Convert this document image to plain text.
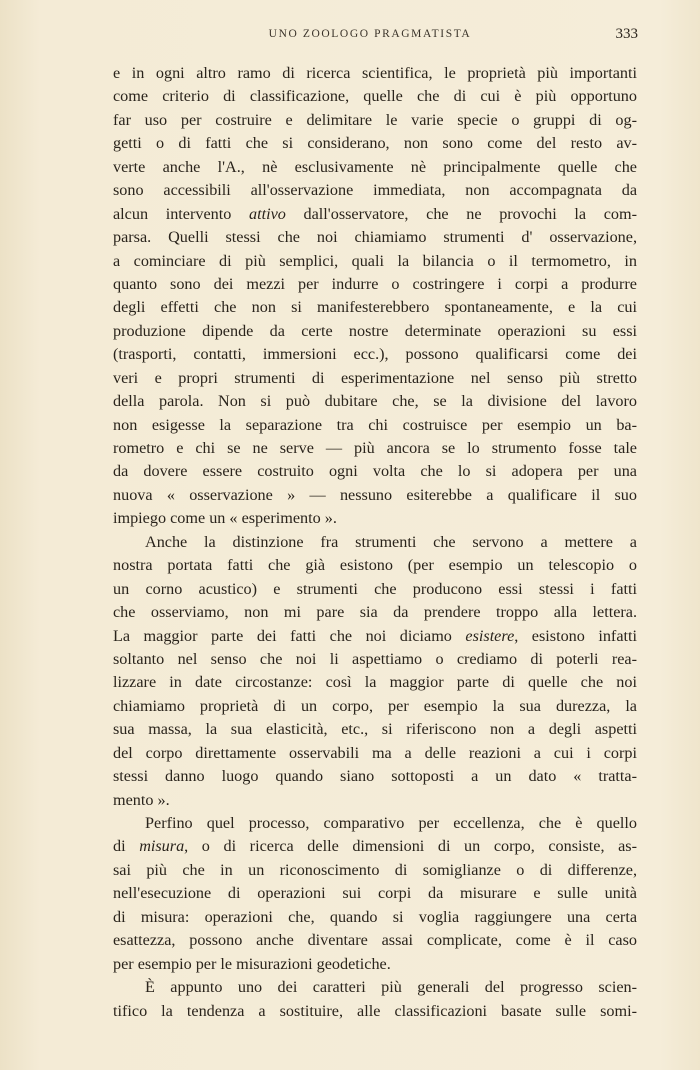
UNO ZOOLOGO PRAGMATISTA	333
e in ogni altro ramo di ricerca scientifica, le proprietà più importanti
come criterio di classificazione, quelle che di cui è più opportuno
far uso per costruire e delimitare le varie specie o gruppi di og-
getti o di fatti che si considerano, non sono come del resto av-
verte anche l'A., nè esclusivamente nè principalmente quelle che
sono accessibili all'osservazione immediata, non accompagnata da
alcun intervento attivo dall'osservatore, che ne provochi la com-
parsa. Quelli stessi che noi chiamiamo strumenti d' osservazione,
a cominciare di più semplici, quali la bilancia o il termometro, in
quanto sono dei mezzi per indurre o costringere i corpi a produrre
degli effetti che non si manifesterebbero spontaneamente, e la cui
produzione dipende da certe nostre determinate operazioni su essi
(trasporti, contatti, immersioni ecc.), possono qualificarsi come dei
veri e propri strumenti di esperimentazione nel senso più stretto
della parola. Non si può dubitare che, se la divisione del lavoro
non esigesse la separazione tra chi costruisce per esempio un ba-
rometro e chi se ne serve — più ancora se lo strumento fosse tale
da dovere essere costruito ogni volta che lo si adopera per una
nuova « osservazione » — nessuno esiterebbe a qualificare il suo
impiego come un « esperimento ».
Anche la distinzione fra strumenti che servono a mettere a
nostra portata fatti che già esistono (per esempio un telescopio o
un corno acustico) e strumenti che producono essi stessi i fatti
che osserviamo, non mi pare sia da prendere troppo alla lettera.
La maggior parte dei fatti che noi diciamo esistere, esistono infatti
soltanto nel senso che noi li aspettiamo o crediamo di poterli rea-
lizzare in date circostanze: così la maggior parte di quelle che noi
chiamiamo proprietà di un corpo, per esempio la sua durezza, la
sua massa, la sua elasticità, etc., si riferiscono non a degli aspetti
del corpo direttamente osservabili ma a delle reazioni a cui i corpi
stessi danno luogo quando siano sottoposti a un dato « tratta-
mento ».
Perfino quel processo, comparativo per eccellenza, che è quello
di misura, o di ricerca delle dimensioni di un corpo, consiste, as-
sai più che in un riconoscimento di somiglianze o di differenze,
nell'esecuzione di operazioni sui corpi da misurare e sulle unità
di misura: operazioni che, quando si voglia raggiungere una certa
esattezza, possono anche diventare assai complicate, come è il caso
per esempio per le misurazioni geodetiche.
È appunto uno dei caratteri più generali del progresso scien-
tifico la tendenza a sostituire, alle classificazioni basate sulle somi-
